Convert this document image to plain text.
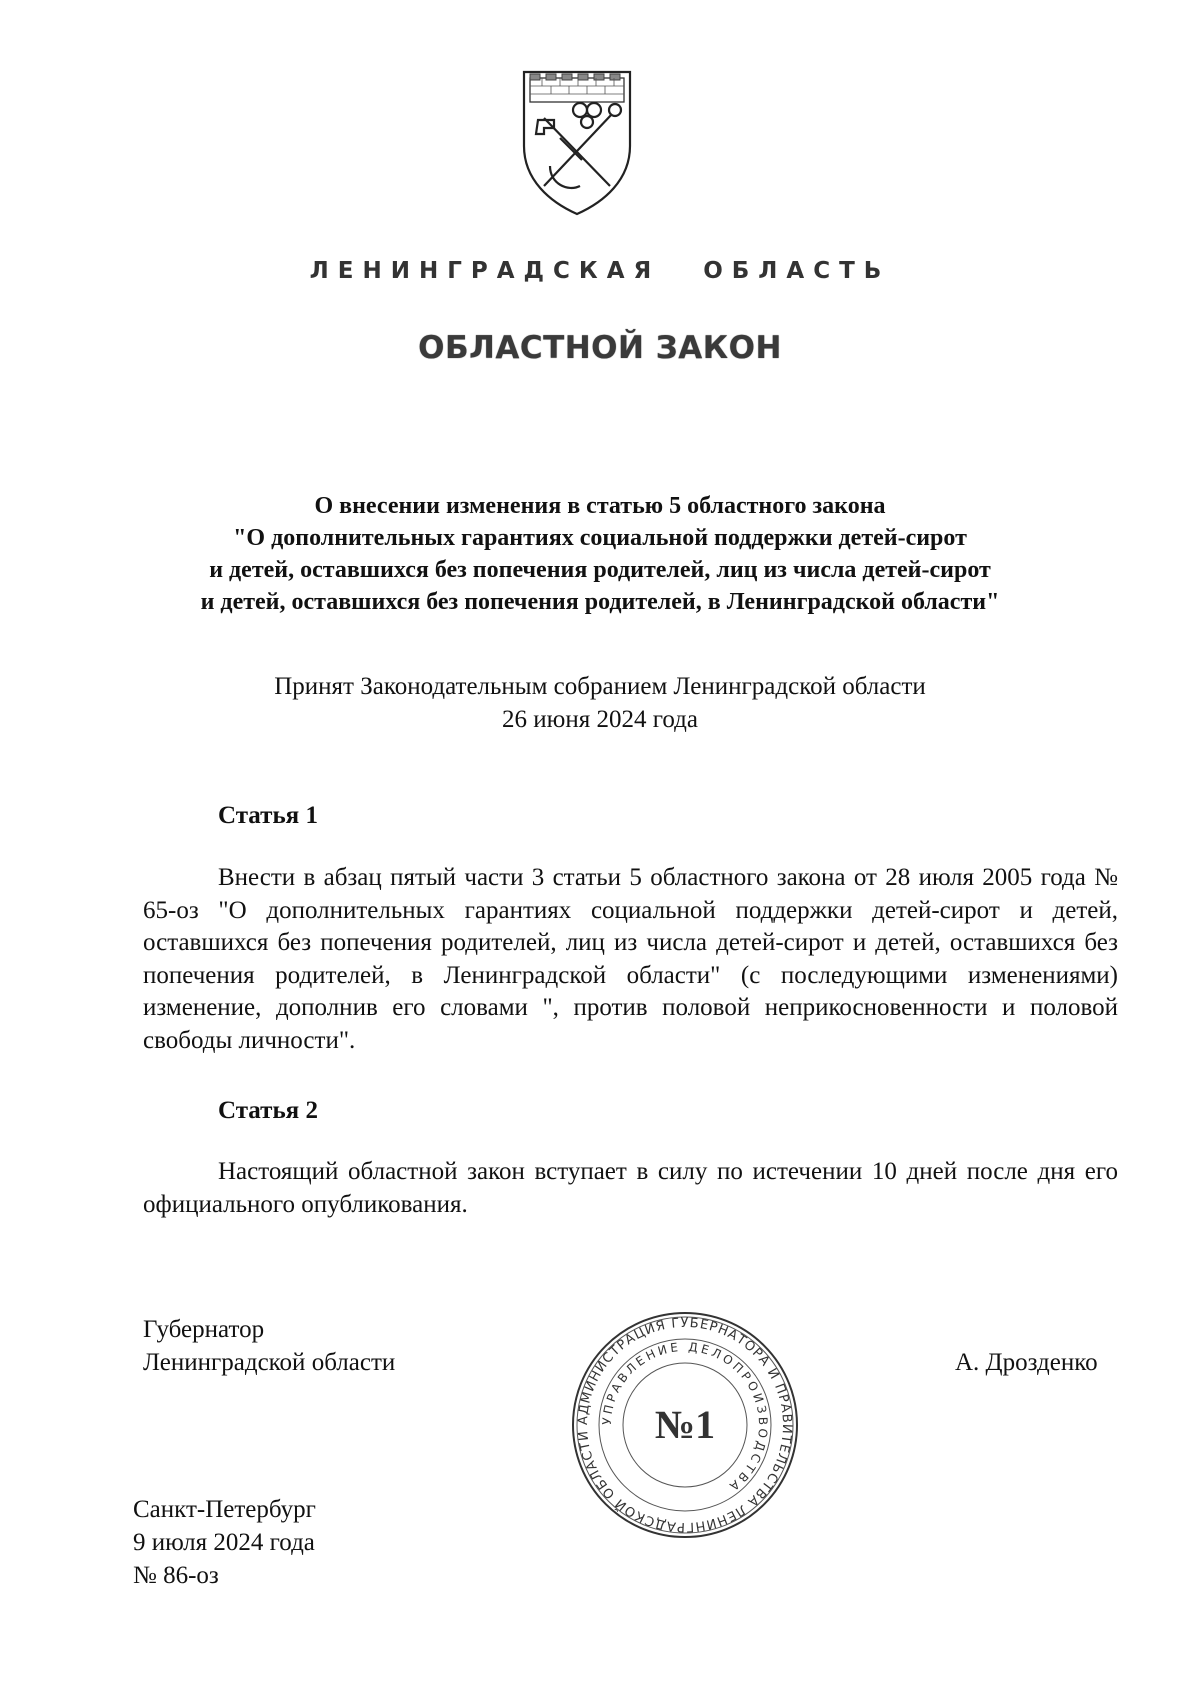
ЛЕНИНГРАДСКАЯ ОБЛАСТЬ
ОБЛАСТНОЙ ЗАКОН
О внесении изменения в статью 5 областного закона
"О дополнительных гарантиях социальной поддержки детей-сирот
и детей, оставшихся без попечения родителей, лиц из числа детей-сирот
и детей, оставшихся без попечения родителей, в Ленинградской области"
Принят Законодательным собранием Ленинградской области
26 июня 2024 года
Статья 1
Внести в абзац пятый части 3 статьи 5 областного закона от 28 июля 2005 года № 65-оз "О дополнительных гарантиях социальной поддержки детей-сирот и детей, оставшихся без попечения родителей, лиц из числа детей-сирот и детей, оставшихся без попечения родителей, в Ленинградской области" (с последующими изменениями) изменение, дополнив его словами ", против половой неприкосновенности и половой свободы личности".
Статья 2
Настоящий областной закон вступает в силу по истечении 10 дней после дня его официального опубликования.
Губернатор
Ленинградской области	А. Дрозденко
АДМИНИСТРАЦИЯ ГУБЕРНАТОРА И ПРАВИТЕЛЬСТВА ЛЕНИНГРАДСКОЙ ОБЛАСТИ
УПРАВЛЕНИЕ ДЕЛОПРОИЗВОДСТВА
№1
Санкт-Петербург
9 июля 2024 года
№ 86-оз
